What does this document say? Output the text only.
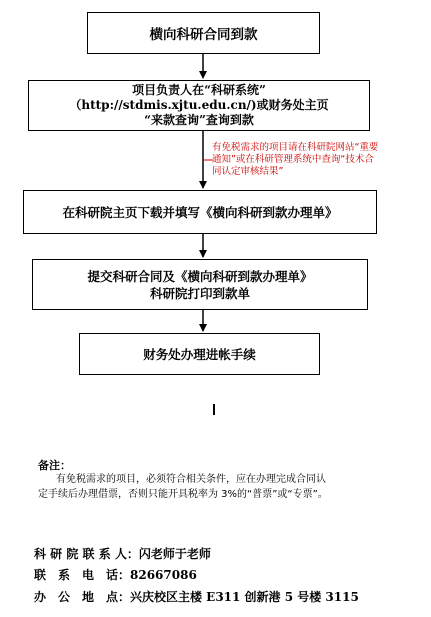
横向科研合同到款
项目负责人在“科研系统”
（http://stdmis.xjtu.edu.cn/)或财务处主页
“来款查询”查询到款
有免税需求的项目请在科研院网站“重要
通知”或在科研管理系统中查询“技术合
同认定审核结果”
在科研院主页下载并填写《横向科研到款办理单》
提交科研合同及《横向科研到款办理单》
科研院打印到款单
财务处办理进帐手续
备注：
有免税需求的项目，必须符合相关条件，应在办理完成合同认
定手续后办理借票，否则只能开具税率为 3%的“普票”或“专票”。
科 研 院 联 系 人：闪老师于老师
联　系　电　话：82667086
办　公　地　点：兴庆校区主楼 E311 创新港 5 号楼 3115
